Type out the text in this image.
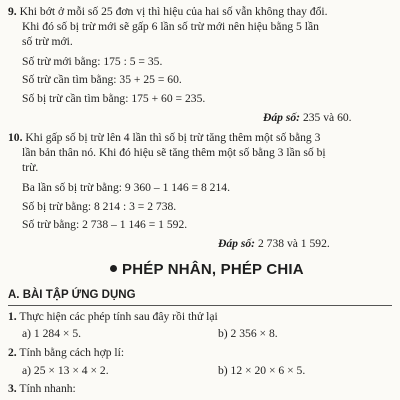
9. Khi bớt ở mỗi số 25 đơn vị thì hiệu của hai số vẫn không thay đổi.
Khi đó số bị trừ mới sẽ gấp 6 lần số trừ mới nên hiệu bằng 5 lần
số trừ mới.
Số trừ mới bằng: 175 : 5 = 35.
Số trừ cần tìm bằng: 35 + 25 = 60.
Số bị trừ cần tìm bằng: 175 + 60 = 235.
Đáp số: 235 và 60.
10. Khi gấp số bị trừ lên 4 lần thì số bị trừ tăng thêm một số bằng 3
lần bản thân nó. Khi đó hiệu sẽ tăng thêm một số bằng 3 lần số bị
trừ.
Ba lần số bị trừ bằng: 9 360 – 1 146 = 8 214.
Số bị trừ bằng: 8 214 : 3 = 2 738.
Số trừ bằng: 2 738 – 1 146 = 1 592.
Đáp số: 2 738 và 1 592.
PHÉP NHÂN, PHÉP CHIA
A. BÀI TẬP ỨNG DỤNG
1. Thực hiện các phép tính sau đây rồi thử lại
a) 1 284 × 5.	b) 2 356 × 8.
2. Tính bằng cách hợp lí:
a) 25 × 13 × 4 × 2.	b) 12 × 20 × 6 × 5.
3. Tính nhanh:
